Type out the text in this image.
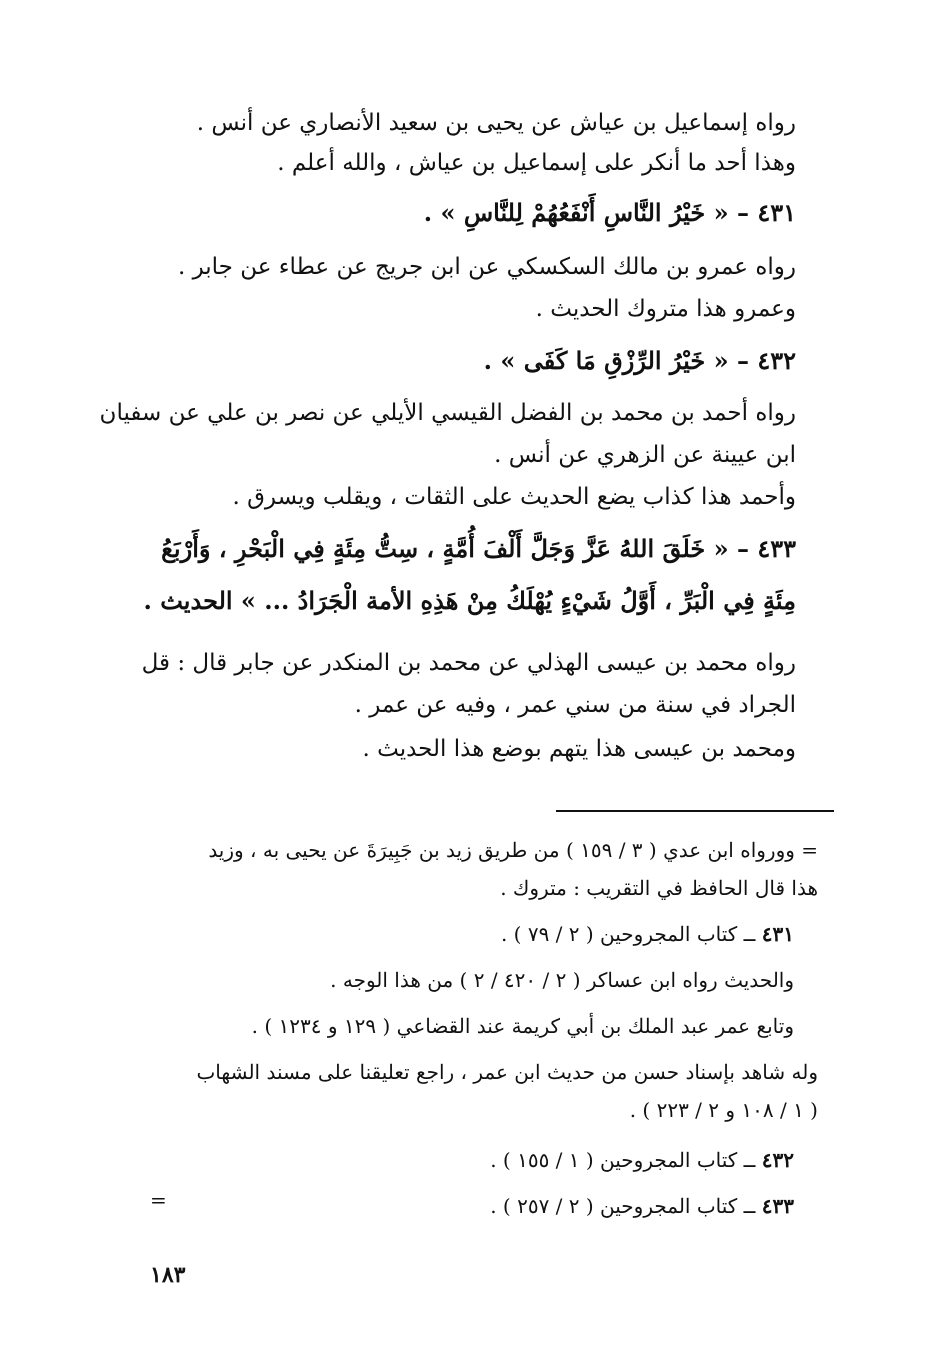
رواه إسماعيل بن عياش عن يحيى بن سعيد الأنصاري عن أنس .
وهذا أحد ما أنكر على إسماعيل بن عياش ، والله أعلم .
٤٣١ – « خَيْرُ النَّاسِ أَنْفَعُهُمْ لِلنَّاسِ » .
رواه عمرو بن مالك السكسكي عن ابن جريج عن عطاء عن جابر .
وعمرو هذا متروك الحديث .
٤٣٢ – « خَيْرُ الرِّزْقِ مَا كَفَى » .
رواه أحمد بن محمد بن الفضل القيسي الأيلي عن نصر بن علي عن سفيان
ابن عيينة عن الزهري عن أنس .
وأحمد هذا كذاب يضع الحديث على الثقات ، ويقلب ويسرق .
٤٣٣ – « خَلَقَ اللهُ عَزَّ وَجَلَّ أَلْفَ أُمَّةٍ ، سِتُّ مِئَةٍ فِي الْبَحْرِ ، وَأَرْبَعُ
مِئَةٍ فِي الْبَرِّ ، أَوَّلُ شَيْءٍ يُهْلَكُ مِنْ هَذِهِ الأمة الْجَرَادُ ... » الحديث .
رواه محمد بن عيسى الهذلي عن محمد بن المنكدر عن جابر قال : قل
الجراد في سنة من سني عمر ، وفيه عن عمر .
ومحمد بن عيسى هذا يتهم بوضع هذا الحديث .
= وورواه ابن عدي ( ٣ / ١٥٩ ) من طريق زيد بن جَبِيرَةَ عن يحيى به ، وزيد
هذا قال الحافظ في التقريب : متروك .
٤٣١ ــ كتاب المجروحين ( ٢ / ٧٩ ) .
والحديث رواه ابن عساكر ( ٢ / ٤٢٠ / ٢ ) من هذا الوجه .
وتابع عمر عبد الملك بن أبي كريمة عند القضاعي ( ١٢٩ و ١٢٣٤ ) .
وله شاهد بإسناد حسن من حديث ابن عمر ، راجع تعليقنا على مسند الشهاب
( ١ / ١٠٨ و ٢ / ٢٢٣ ) .
٤٣٢ ــ كتاب المجروحين ( ١ / ١٥٥ ) .
٤٣٣ ــ كتاب المجروحين ( ٢ / ٢٥٧ ) .
=
١٨٣
